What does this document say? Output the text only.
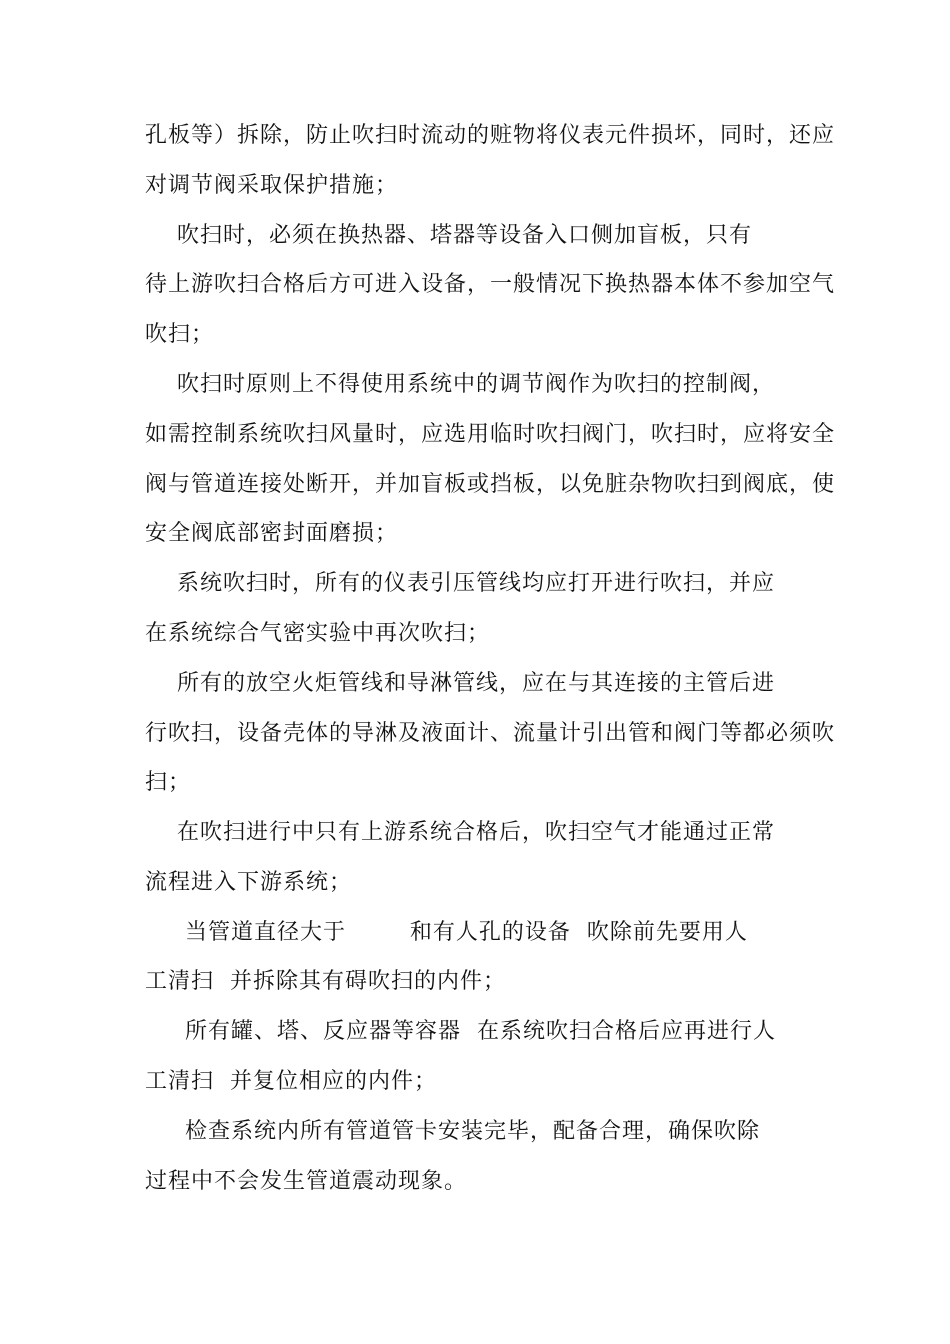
孔板等）拆除，防止吹扫时流动的赃物将仪表元件损坏，同时，还应
对调节阀采取保护措施；
吹扫时，必须在换热器、塔器等设备入口侧加盲板，只有
待上游吹扫合格后方可进入设备，一般情况下换热器本体不参加空气
吹扫；
吹扫时原则上不得使用系统中的调节阀作为吹扫的控制阀，
如需控制系统吹扫风量时，应选用临时吹扫阀门，吹扫时，应将安全
阀与管道连接处断开，并加盲板或挡板，以免脏杂物吹扫到阀底，使
安全阀底部密封面磨损；
系统吹扫时，所有的仪表引压管线均应打开进行吹扫，并应
在系统综合气密实验中再次吹扫；
所有的放空火炬管线和导淋管线，应在与其连接的主管后进
行吹扫，设备壳体的导淋及液面计、流量计引出管和阀门等都必须吹
扫；
在吹扫进行中只有上游系统合格后，吹扫空气才能通过正常
流程进入下游系统；
当管道直径大于        和有人孔的设备  吹除前先要用人
工清扫  并拆除其有碍吹扫的内件；
所有罐、塔、反应器等容器  在系统吹扫合格后应再进行人
工清扫  并复位相应的内件；
检查系统内所有管道管卡安装完毕，配备合理，确保吹除
过程中不会发生管道震动现象。
